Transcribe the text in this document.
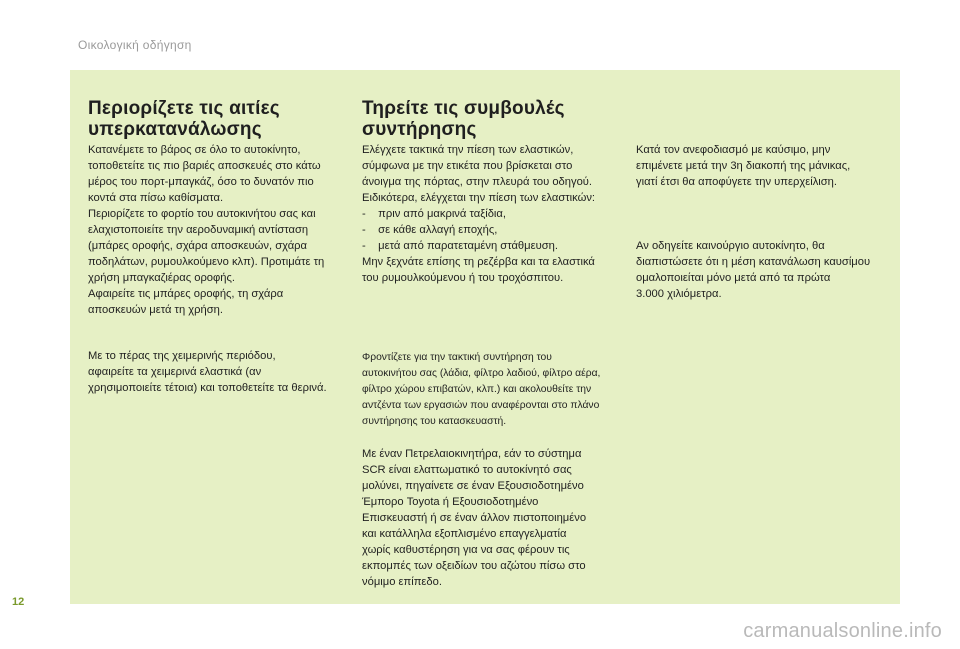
Οικολογική οδήγηση
Περιορίζετε τις αιτίες
υπερκατανάλωσης
Κατανέμετε το βάρος σε όλο το αυτοκίνητο,
τοποθετείτε τις πιο βαριές αποσκευές στο κάτω
μέρος του πορτ-μπαγκάζ, όσο το δυνατόν πιο
κοντά στα πίσω καθίσματα.
Περιορίζετε το φορτίο του αυτοκινήτου σας και
ελαχιστοποιείτε την αεροδυναμική αντίσταση
(μπάρες οροφής, σχάρα αποσκευών, σχάρα
ποδηλάτων, ρυμουλκούμενο κλπ). Προτιμάτε τη
χρήση μπαγκαζιέρας οροφής.
Αφαιρείτε τις μπάρες οροφής, τη σχάρα
αποσκευών μετά τη χρήση.
Με το πέρας της χειμερινής περιόδου,
αφαιρείτε τα χειμερινά ελαστικά (αν
χρησιμοποιείτε τέτοια) και τοποθετείτε τα θερινά.
Τηρείτε τις συμβουλές
συντήρησης
Ελέγχετε τακτικά την πίεση των ελαστικών,
σύμφωνα με την ετικέτα που βρίσκεται στο
άνοιγμα της πόρτας, στην πλευρά του οδηγού.
Ειδικότερα, ελέγχεται την πίεση των ελαστικών:
-    πριν από μακρινά ταξίδια,
-    σε κάθε αλλαγή εποχής,
-    μετά από παρατεταμένη στάθμευση.
Μην ξεχνάτε επίσης τη ρεζέρβα και τα ελαστικά
του ρυμουλκούμενου ή του τροχόσπιτου.
Φροντίζετε για την τακτική συντήρηση του
αυτοκινήτου σας (λάδια, φίλτρο λαδιού, φίλτρο αέρα,
φίλτρο χώρου επιβατών, κλπ.) και ακολουθείτε την
αντζέντα των εργασιών που αναφέρονται στο πλάνο
συντήρησης του κατασκευαστή.
Με έναν Πετρελαιοκινητήρα, εάν το σύστημα
SCR είναι ελαττωματικό το αυτοκίνητό σας
μολύνει, πηγαίνετε σε έναν Εξουσιοδοτημένο
Έμπορο Toyota ή Εξουσιοδοτημένο
Επισκευαστή ή σε έναν άλλον πιστοποιημένο
και κατάλληλα εξοπλισμένο επαγγελματία
χωρίς καθυστέρηση για να σας φέρουν τις
εκπομπές των οξειδίων του αζώτου πίσω στο
νόμιμο επίπεδο.
Κατά τον ανεφοδιασμό με καύσιμο, μην
επιμένετε μετά την 3η διακοπή της μάνικας,
γιατί έτσι θα αποφύγετε την υπερχείλιση.
Αν οδηγείτε καινούργιο αυτοκίνητο, θα
διαπιστώσετε ότι η μέση κατανάλωση καυσίμου
ομαλοποιείται μόνο μετά από τα πρώτα
3.000 χιλιόμετρα.
12
carmanualsonline.info
